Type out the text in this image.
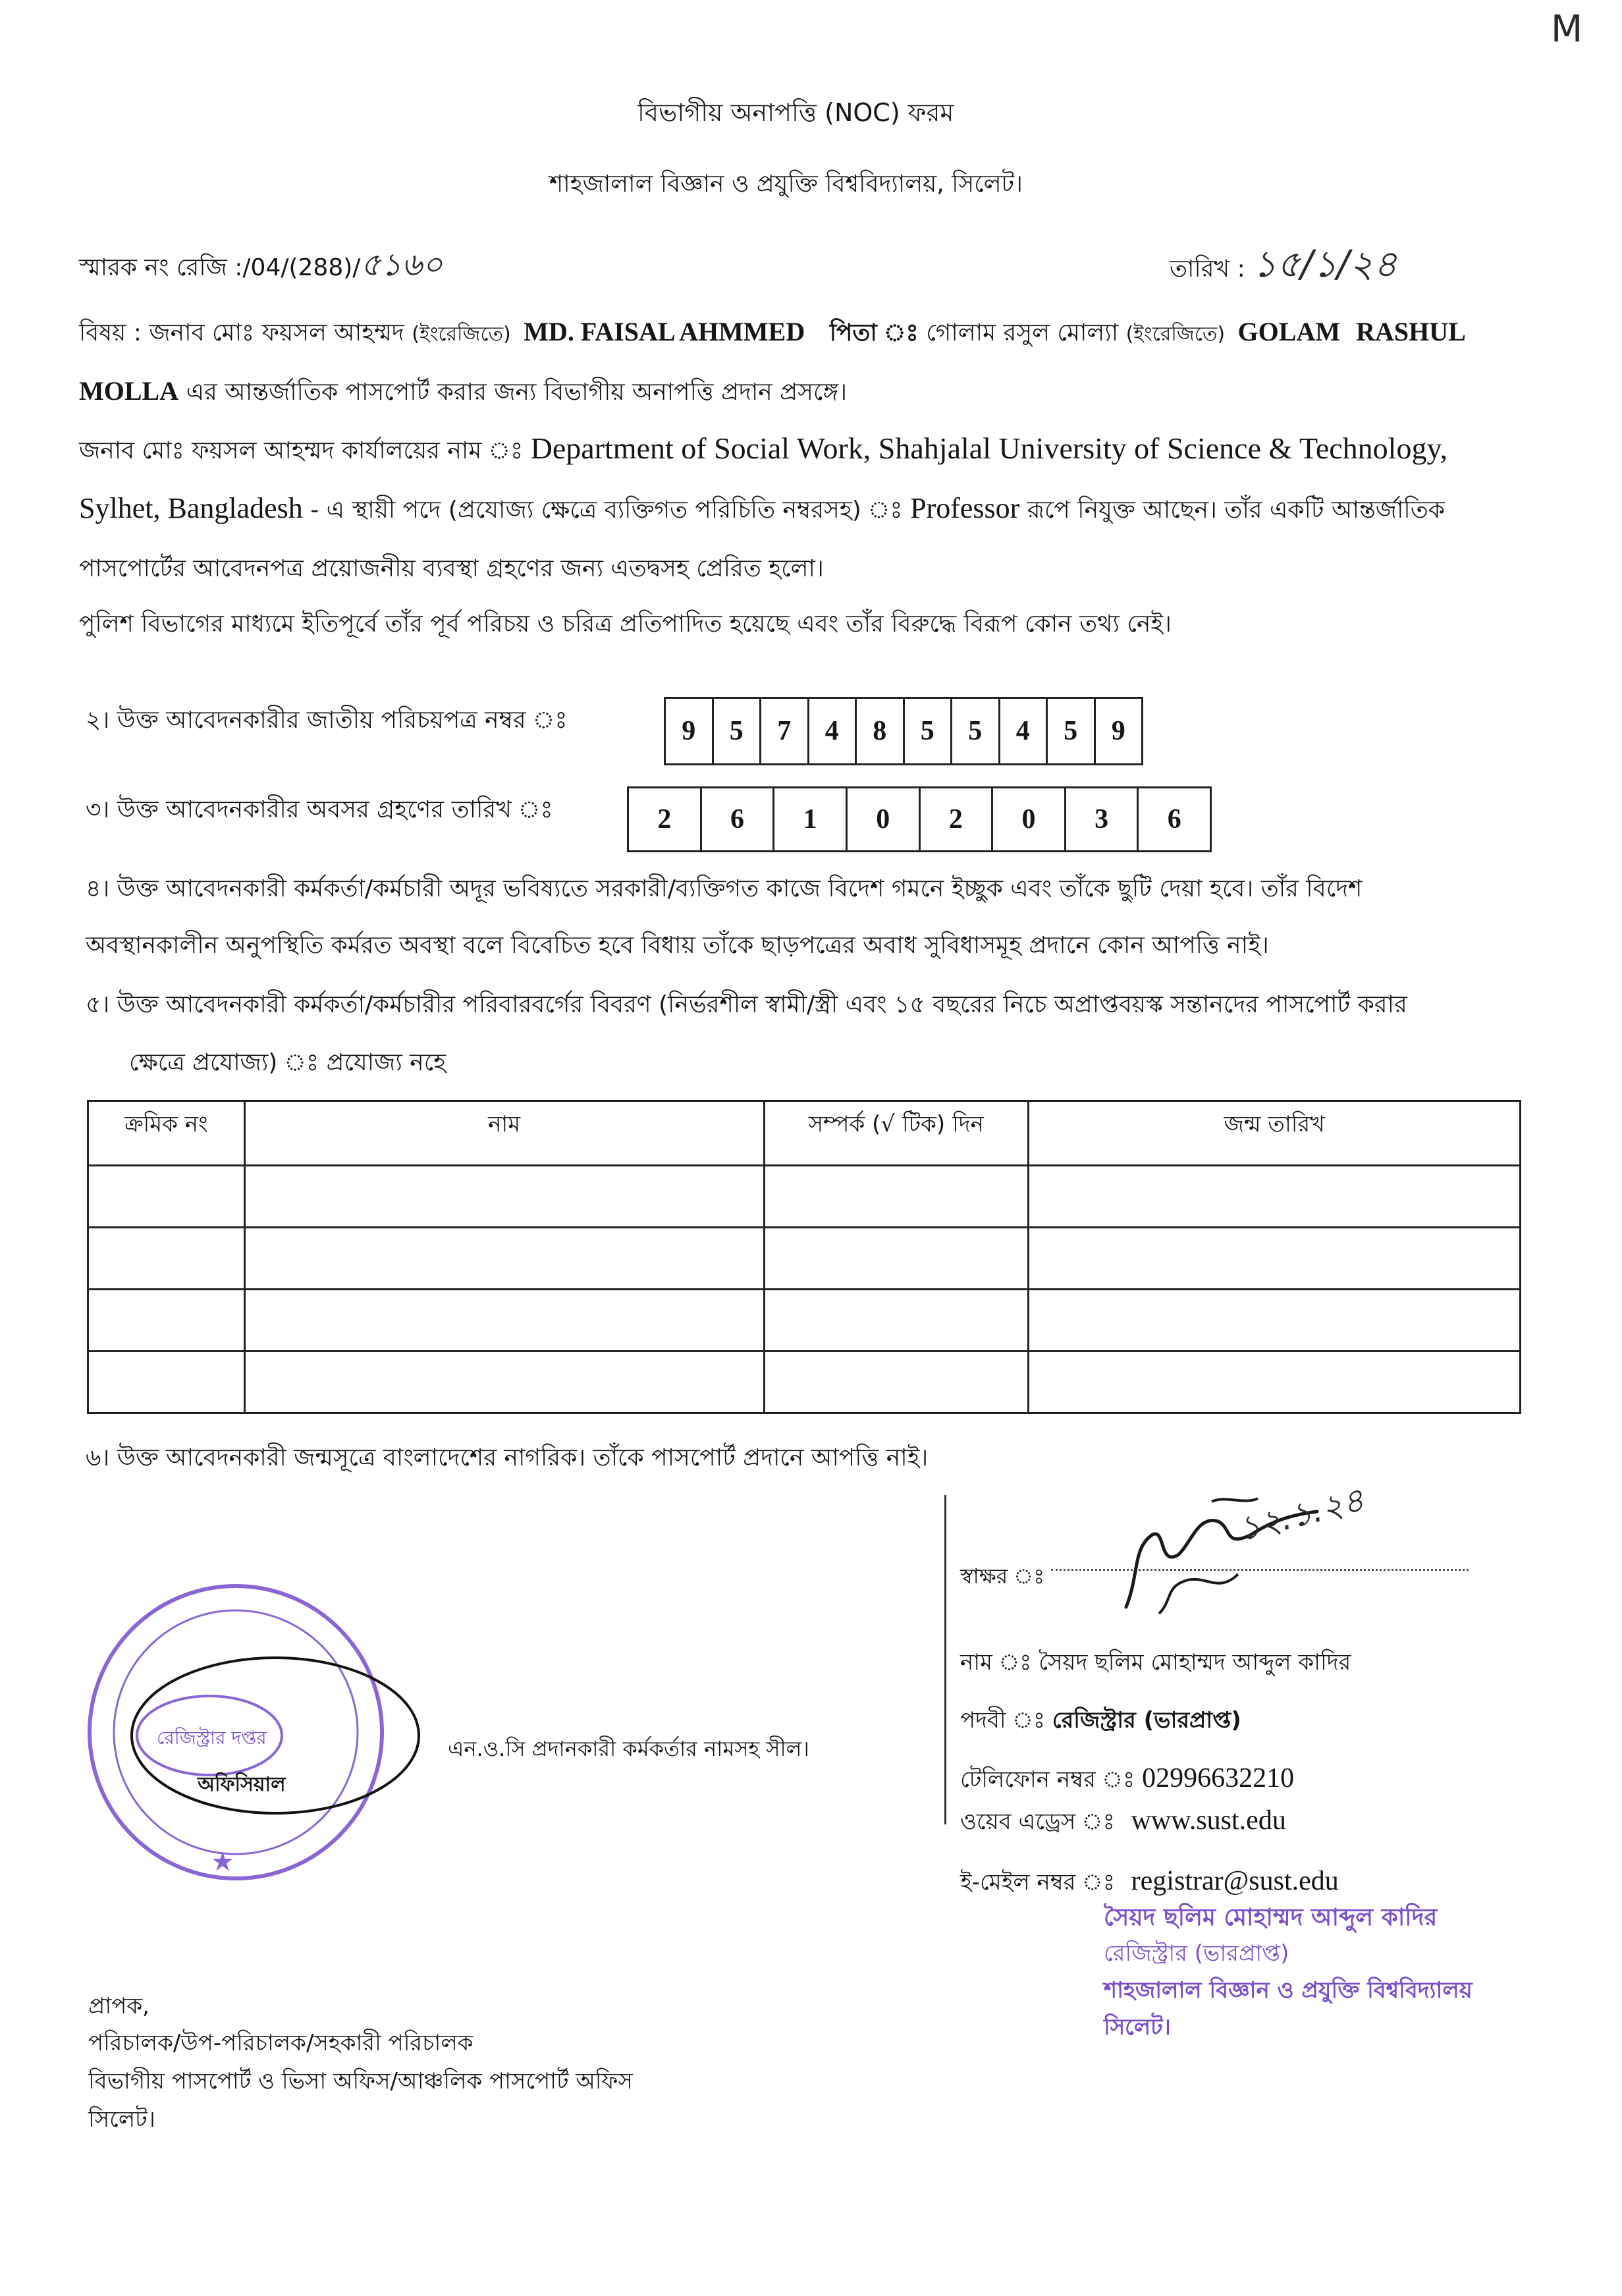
M
বিভাগীয় অনাপত্তি (NOC) ফরম
শাহজালাল বিজ্ঞান ও প্রযুক্তি বিশ্ববিদ্যালয়, সিলেট।
স্মারক নং রেজি :/04/(288)/৫১৬০	তারিখ : ১৫/১/২৪
বিষয় : জনাব মোঃ ফয়সল আহম্মদ (ইংরেজিতে) MD. FAISAL AHMMED পিতা ঃ গোলাম রসুল মোল্যা (ইংরেজিতে) GOLAM RASHUL
MOLLA এর আন্তর্জাতিক পাসপোর্ট করার জন্য বিভাগীয় অনাপত্তি প্রদান প্রসঙ্গে।
জনাব মোঃ ফয়সল আহম্মদ কার্যালয়ের নাম ঃ Department of Social Work, Shahjalal University of Science & Technology,
Sylhet, Bangladesh - এ স্থায়ী পদে (প্রযোজ্য ক্ষেত্রে ব্যক্তিগত পরিচিতি নম্বরসহ) ঃ Professor রূপে নিযুক্ত আছেন। তাঁর একটি আন্তর্জাতিক
পাসপোর্টের আবেদনপত্র প্রয়োজনীয় ব্যবস্থা গ্রহণের জন্য এতদ্বসহ প্রেরিত হলো।
পুলিশ বিভাগের মাধ্যমে ইতিপূর্বে তাঁর পূর্ব পরিচয় ও চরিত্র প্রতিপাদিত হয়েছে এবং তাঁর বিরুদ্ধে বিরূপ কোন তথ্য নেই।
২। উক্ত আবেদনকারীর জাতীয় পরিচয়পত্র নম্বর ঃ	9	5	7	4	8	5	5	4	5	9
৩। উক্ত আবেদনকারীর অবসর গ্রহণের তারিখ ঃ	2	6	1	0	2	0	3	6
৪। উক্ত আবেদনকারী কর্মকর্তা/কর্মচারী অদূর ভবিষ্যতে সরকারী/ব্যক্তিগত কাজে বিদেশ গমনে ইচ্ছুক এবং তাঁকে ছুটি দেয়া হবে। তাঁর বিদেশ
অবস্থানকালীন অনুপস্থিতি কর্মরত অবস্থা বলে বিবেচিত হবে বিধায় তাঁকে ছাড়পত্রের অবাধ সুবিধাসমূহ প্রদানে কোন আপত্তি নাই।
৫। উক্ত আবেদনকারী কর্মকর্তা/কর্মচারীর পরিবারবর্গের বিবরণ (নির্ভরশীল স্বামী/স্ত্রী এবং ১৫ বছরের নিচে অপ্রাপ্তবয়স্ক সন্তানদের পাসপোর্ট করার
ক্ষেত্রে প্রযোজ্য) ঃ প্রযোজ্য নহে
ক্রমিক নং	নাম	সম্পর্ক (√ টিক) দিন	জন্ম তারিখ

৬। উক্ত আবেদনকারী জন্মসূত্রে বাংলাদেশের নাগরিক। তাঁকে পাসপোর্ট প্রদানে আপত্তি নাই।
স্বাক্ষর ঃ
১২.১.২৪
নাম ঃ সৈয়দ ছলিম মোহাম্মদ আব্দুল কাদির
পদবী ঃ রেজিস্ট্রার (ভারপ্রাপ্ত)
টেলিফোন নম্বর ঃ 02996632210
ওয়েব এড্রেস ঃ www.sust.edu
ই-মেইল নম্বর ঃ registrar@sust.edu
সৈয়দ ছলিম মোহাম্মদ আব্দুল কাদির
রেজিস্ট্রার (ভারপ্রাপ্ত)
শাহজালাল বিজ্ঞান ও প্রযুক্তি বিশ্ববিদ্যালয়
সিলেট।
★
রেজিস্ট্রার দপ্তর
অফিসিয়াল
এন.ও.সি প্রদানকারী কর্মকর্তার নামসহ সীল।
প্রাপক,
পরিচালক/উপ-পরিচালক/সহকারী পরিচালক
বিভাগীয় পাসপোর্ট ও ভিসা অফিস/আঞ্চলিক পাসপোর্ট অফিস
সিলেট।
